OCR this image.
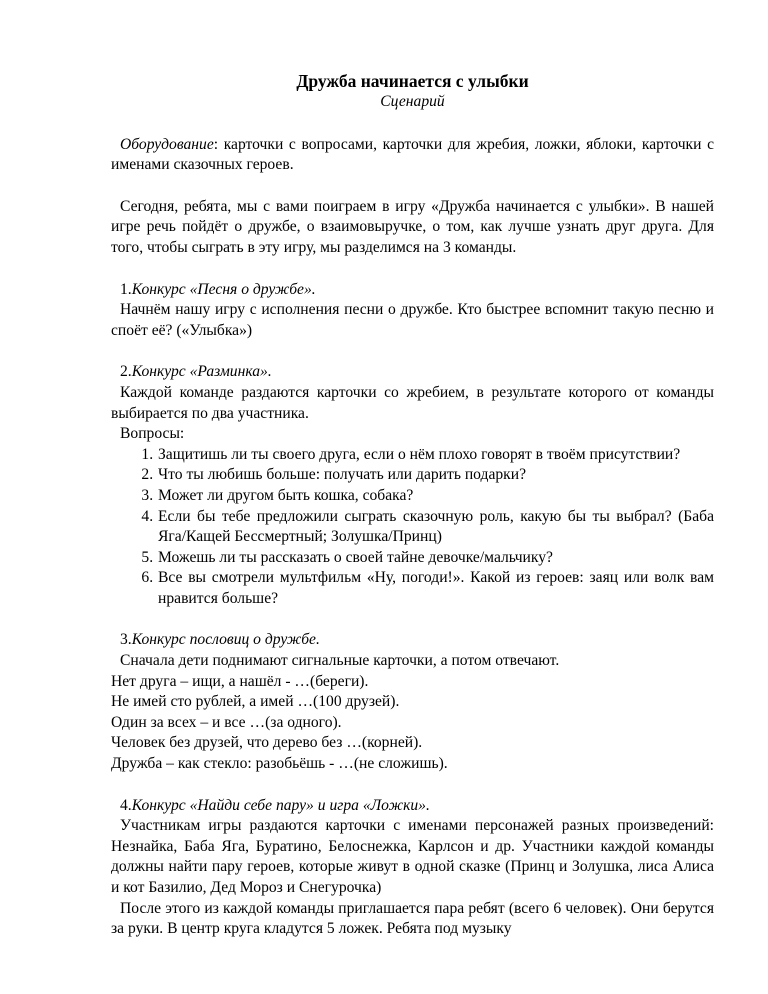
Дружба начинается с улыбки

Сценарий

Оборудование: карточки с вопросами, карточки для жребия, ложки, яблоки, карточки с именами сказочных героев.

Сегодня, ребята, мы с вами поиграем в игру «Дружба начинается с улыбки». В нашей игре речь пойдёт о дружбе, о взаимовыручке, о том, как лучше узнать друг друга. Для того, чтобы сыграть в эту игру, мы разделимся на 3 команды.

1.Конкурс «Песня о дружбе».

Начнём нашу игру с исполнения песни о дружбе. Кто быстрее вспомнит такую песню и споёт её? («Улыбка»)

2.Конкурс «Разминка».

Каждой команде раздаются карточки со жребием, в результате которого от команды выбирается по два участника.

Вопросы:

1. Защитишь ли ты своего друга, если о нём плохо говорят в твоём присутствии?
2. Что ты любишь больше: получать или дарить подарки?
3. Может ли другом быть кошка, собака?
4. Если бы тебе предложили сыграть сказочную роль, какую бы ты выбрал? (Баба Яга/Кащей Бессмертный; Золушка/Принц)
5. Можешь ли ты рассказать о своей тайне девочке/мальчику?
6. Все вы смотрели мультфильм «Ну, погоди!». Какой из героев: заяц или волк вам нравится больше?

3.Конкурс пословиц о дружбе.

Сначала дети поднимают сигнальные карточки, а потом отвечают.

Нет друга – ищи, а нашёл - …(береги).

Не имей сто рублей, а имей …(100 друзей).

Один за всех – и все …(за одного).

Человек без друзей, что дерево без …(корней).

Дружба – как стекло: разобьёшь - …(не сложишь).

4.Конкурс «Найди себе пару» и игра «Ложки».

Участникам игры раздаются карточки с именами персонажей разных произведений: Незнайка, Баба Яга, Буратино, Белоснежка, Карлсон и др. Участники каждой команды должны найти пару героев, которые живут в одной сказке (Принц и Золушка, лиса Алиса и кот Базилио, Дед Мороз и Снегурочка)

После этого из каждой команды приглашается пара ребят (всего 6 человек). Они берутся за руки. В центр круга кладутся 5 ложек. Ребята под музыку
